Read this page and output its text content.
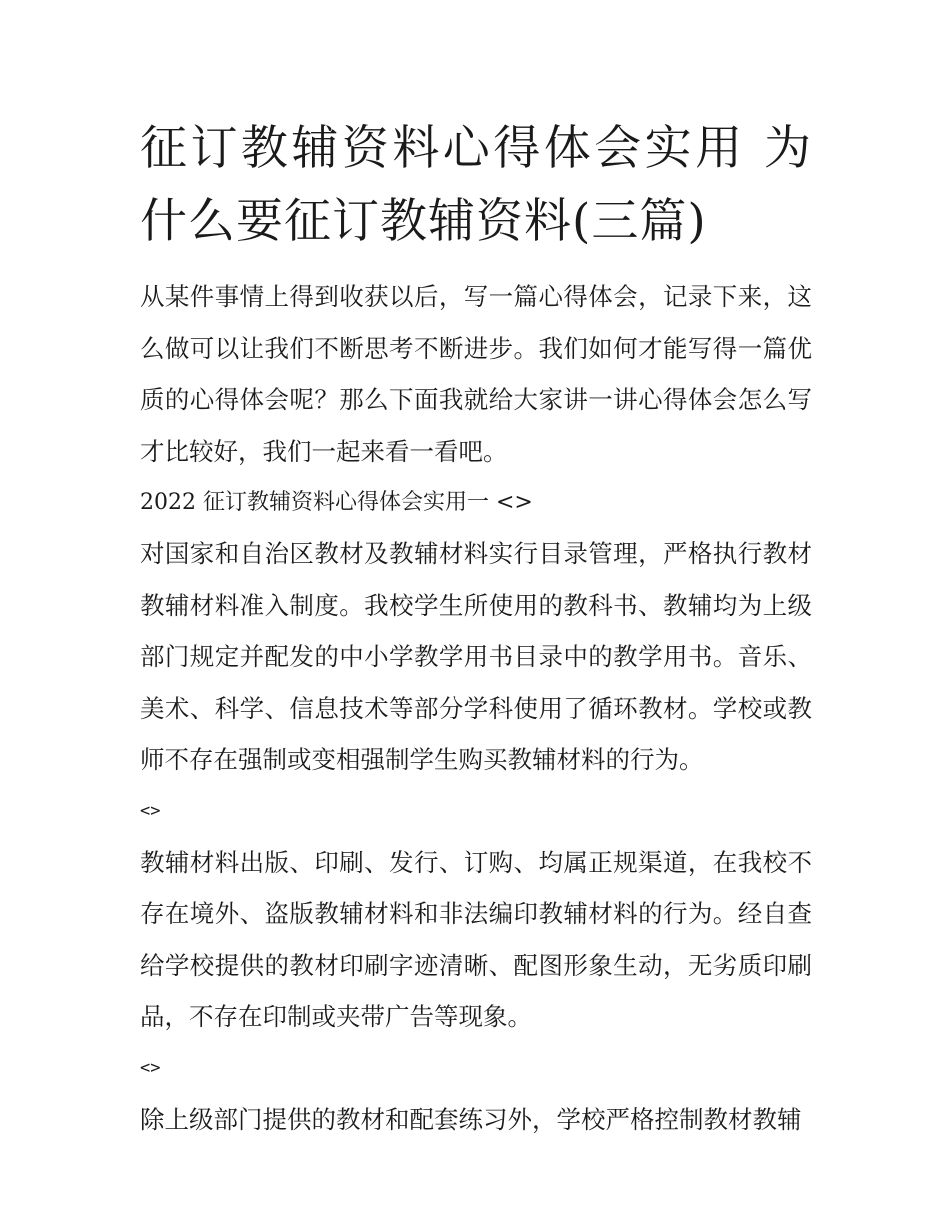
征订教辅资料心得体会实用 为什么要征订教辅资料(三篇)

从某件事情上得到收获以后，写一篇心得体会，记录下来，这么做可以让我们不断思考不断进步。我们如何才能写得一篇优质的心得体会呢？那么下面我就给大家讲一讲心得体会怎么写才比较好，我们一起来看一看吧。

2022 征订教辅资料心得体会实用一 <>

对国家和自治区教材及教辅材料实行目录管理，严格执行教材教辅材料准入制度。我校学生所使用的教科书、教辅均为上级部门规定并配发的中小学教学用书目录中的教学用书。音乐、美术、科学、信息技术等部分学科使用了循环教材。学校或教师不存在强制或变相强制学生购买教辅材料的行为。

<>

教辅材料出版、印刷、发行、订购、均属正规渠道，在我校不存在境外、盗版教辅材料和非法编印教辅材料的行为。经自查给学校提供的教材印刷字迹清晰、配图形象生动，无劣质印刷品，不存在印制或夹带广告等现象。

<>

除上级部门提供的教材和配套练习外，学校严格控制教材教辅
